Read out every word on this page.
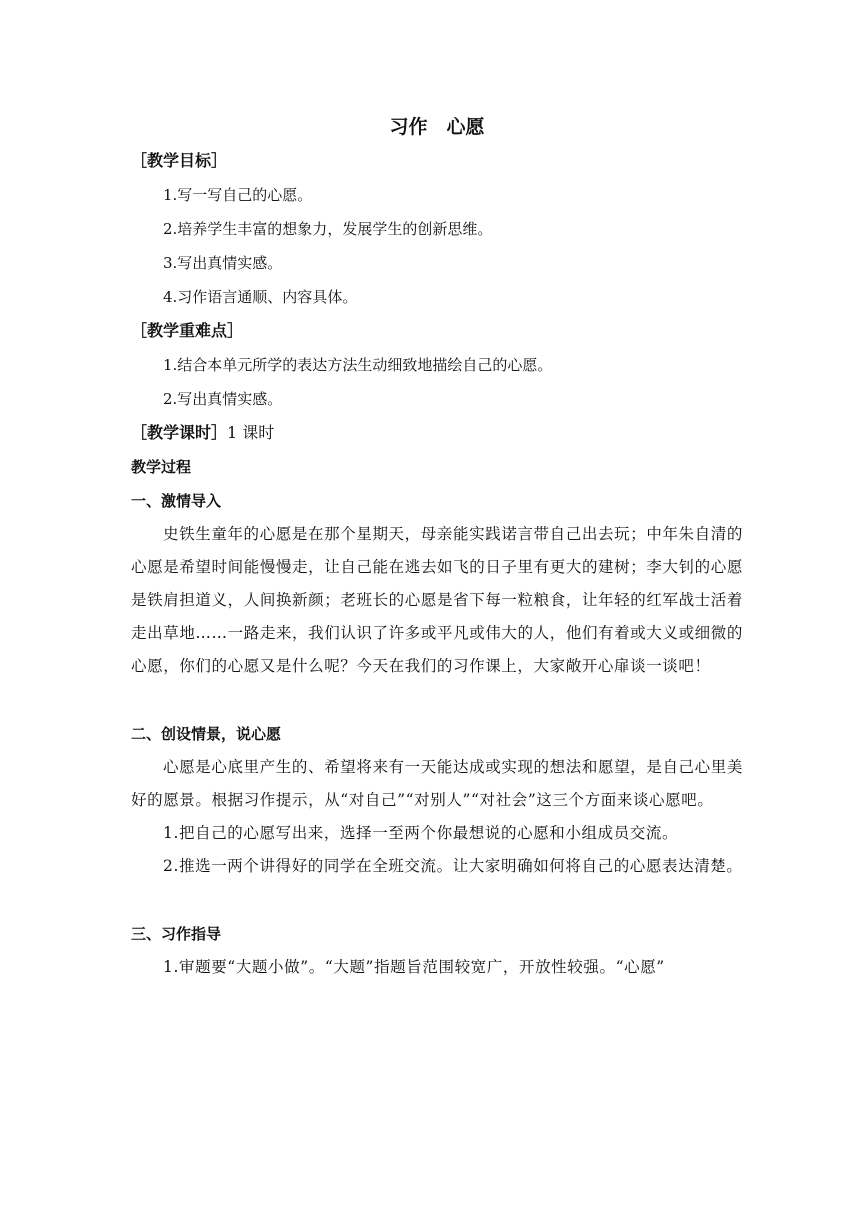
习作　心愿
［教学目标］
1.写一写自己的心愿。
2.培养学生丰富的想象力，发展学生的创新思维。
3.写出真情实感。
4.习作语言通顺、内容具体。
［教学重难点］
1.结合本单元所学的表达方法生动细致地描绘自己的心愿。
2.写出真情实感。
［教学课时］1 课时
教学过程
一、激情导入

史铁生童年的心愿是在那个星期天，母亲能实践诺言带自己出去玩；中年朱自清的心愿是希望时间能慢慢走，让自己能在逃去如飞的日子里有更大的建树；李大钊的心愿是铁肩担道义，人间换新颜；老班长的心愿是省下每一粒粮食，让年轻的红军战士活着走出草地……一路走来，我们认识了许多或平凡或伟大的人，他们有着或大义或细微的心愿，你们的心愿又是什么呢？今天在我们的习作课上，大家敞开心扉谈一谈吧！

二、创设情景，说心愿

心愿是心底里产生的、希望将来有一天能达成或实现的想法和愿望，是自己心里美好的愿景。根据习作提示，从“对自己”“对别人”“对社会”这三个方面来谈心愿吧。

1.把自己的心愿写出来，选择一至两个你最想说的心愿和小组成员交流。

2.推选一两个讲得好的同学在全班交流。让大家明确如何将自己的心愿表达清楚。

三、习作指导

1.审题要“大题小做”。“大题”指题旨范围较宽广，开放性较强。“心愿”
